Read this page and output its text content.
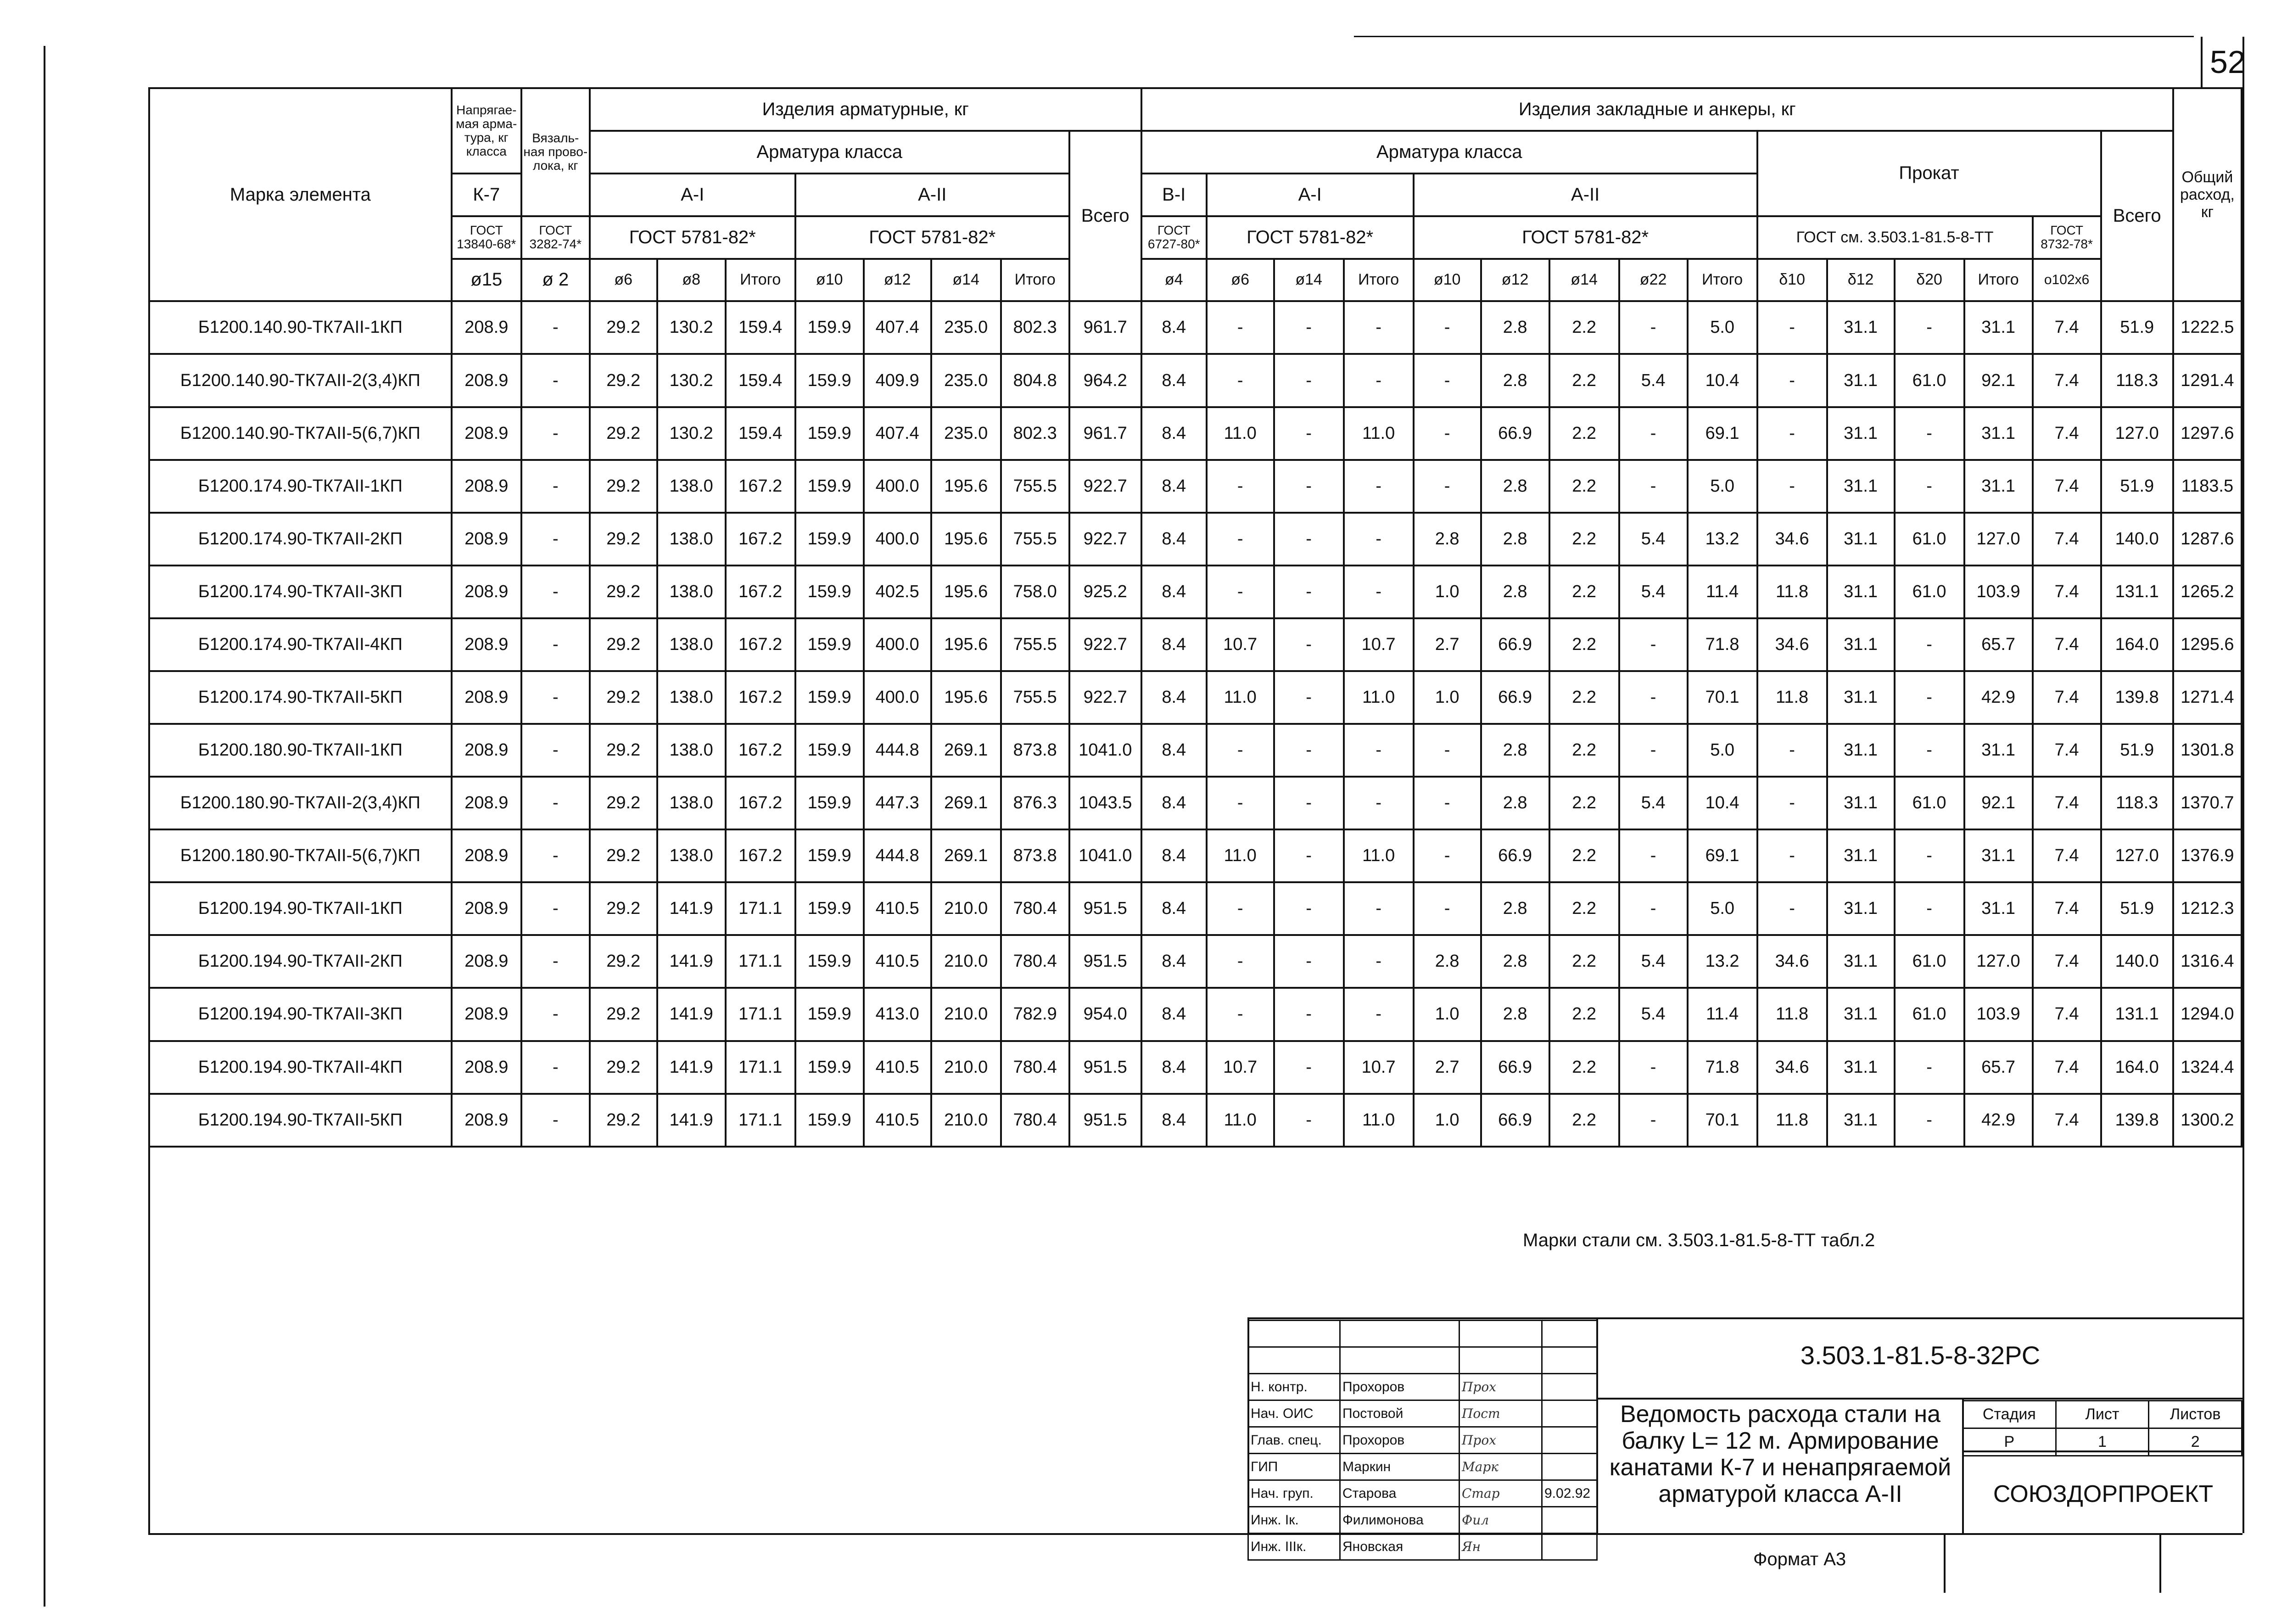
52
Марка элемента	Напрягае-мая арма-тура, кг класса	Вязаль-ная прово-лока, кг	Изделия арматурные, кг								Изделия закладные и анкеры, кг															Общий расход, кг
			Арматура класса							Всего	Арматура класса									Прокат					Всего	
	К-7		A-I			A-II					B-I	A-I			A-II											
	ГОСТ 13840-68*	ГОСТ 3282-74*	ГОСТ 5781-82*			ГОСТ 5781-82*					ГОСТ 6727-80*	ГОСТ 5781-82*			ГОСТ 5781-82*					ГОСТ см. 3.503.1-81.5-8-ТТ				ГОСТ 8732-78*		
	ø15	ø 2	ø6	ø8	Итого	ø10	ø12	ø14	Итого		ø4	ø6	ø14	Итого	ø10	ø12	ø14	ø22	Итого	δ10	δ12	δ20	Итого	o102x6		
Б1200.140.90-ТК7АII-1КП	208.9	-	29.2	130.2	159.4	159.9	407.4	235.0	802.3	961.7	8.4	-	-	-	-	2.8	2.2	-	5.0	-	31.1	-	31.1	7.4	51.9	1222.5
Б1200.140.90-ТК7АII-2(3,4)КП	208.9	-	29.2	130.2	159.4	159.9	409.9	235.0	804.8	964.2	8.4	-	-	-	-	2.8	2.2	5.4	10.4	-	31.1	61.0	92.1	7.4	118.3	1291.4
Б1200.140.90-ТК7АII-5(6,7)КП	208.9	-	29.2	130.2	159.4	159.9	407.4	235.0	802.3	961.7	8.4	11.0	-	11.0	-	66.9	2.2	-	69.1	-	31.1	-	31.1	7.4	127.0	1297.6
Б1200.174.90-ТК7АII-1КП	208.9	-	29.2	138.0	167.2	159.9	400.0	195.6	755.5	922.7	8.4	-	-	-	-	2.8	2.2	-	5.0	-	31.1	-	31.1	7.4	51.9	1183.5
Б1200.174.90-ТК7АII-2КП	208.9	-	29.2	138.0	167.2	159.9	400.0	195.6	755.5	922.7	8.4	-	-	-	2.8	2.8	2.2	5.4	13.2	34.6	31.1	61.0	127.0	7.4	140.0	1287.6
Б1200.174.90-ТК7АII-3КП	208.9	-	29.2	138.0	167.2	159.9	402.5	195.6	758.0	925.2	8.4	-	-	-	1.0	2.8	2.2	5.4	11.4	11.8	31.1	61.0	103.9	7.4	131.1	1265.2
Б1200.174.90-ТК7АII-4КП	208.9	-	29.2	138.0	167.2	159.9	400.0	195.6	755.5	922.7	8.4	10.7	-	10.7	2.7	66.9	2.2	-	71.8	34.6	31.1	-	65.7	7.4	164.0	1295.6
Б1200.174.90-ТК7АII-5КП	208.9	-	29.2	138.0	167.2	159.9	400.0	195.6	755.5	922.7	8.4	11.0	-	11.0	1.0	66.9	2.2	-	70.1	11.8	31.1	-	42.9	7.4	139.8	1271.4
Б1200.180.90-ТК7АII-1КП	208.9	-	29.2	138.0	167.2	159.9	444.8	269.1	873.8	1041.0	8.4	-	-	-	-	2.8	2.2	-	5.0	-	31.1	-	31.1	7.4	51.9	1301.8
Б1200.180.90-ТК7АII-2(3,4)КП	208.9	-	29.2	138.0	167.2	159.9	447.3	269.1	876.3	1043.5	8.4	-	-	-	-	2.8	2.2	5.4	10.4	-	31.1	61.0	92.1	7.4	118.3	1370.7
Б1200.180.90-ТК7АII-5(6,7)КП	208.9	-	29.2	138.0	167.2	159.9	444.8	269.1	873.8	1041.0	8.4	11.0	-	11.0	-	66.9	2.2	-	69.1	-	31.1	-	31.1	7.4	127.0	1376.9
Б1200.194.90-ТК7АII-1КП	208.9	-	29.2	141.9	171.1	159.9	410.5	210.0	780.4	951.5	8.4	-	-	-	-	2.8	2.2	-	5.0	-	31.1	-	31.1	7.4	51.9	1212.3
Б1200.194.90-ТК7АII-2КП	208.9	-	29.2	141.9	171.1	159.9	410.5	210.0	780.4	951.5	8.4	-	-	-	2.8	2.8	2.2	5.4	13.2	34.6	31.1	61.0	127.0	7.4	140.0	1316.4
Б1200.194.90-ТК7АII-3КП	208.9	-	29.2	141.9	171.1	159.9	413.0	210.0	782.9	954.0	8.4	-	-	-	1.0	2.8	2.2	5.4	11.4	11.8	31.1	61.0	103.9	7.4	131.1	1294.0
Б1200.194.90-ТК7АII-4КП	208.9	-	29.2	141.9	171.1	159.9	410.5	210.0	780.4	951.5	8.4	10.7	-	10.7	2.7	66.9	2.2	-	71.8	34.6	31.1	-	65.7	7.4	164.0	1324.4
Б1200.194.90-ТК7АII-5КП	208.9	-	29.2	141.9	171.1	159.9	410.5	210.0	780.4	951.5	8.4	11.0	-	11.0	1.0	66.9	2.2	-	70.1	11.8	31.1	-	42.9	7.4	139.8	1300.2

Марки стали см. 3.503.1-81.5-8-ТТ табл.2

Н. контр.	Прохоров	Прох	
Нач. ОИС	Постовой	Пост	
Глав. спец.	Прохоров	Прох	
ГИП	Маркин	Марк	
Нач. груп.	Старова	Стар	9.02.92
Инж. Iк.	Филимонова	Фил	
Инж. IIIк.	Яновская	Ян	
3.503.1-81.5-8-32РС
Ведомость расхода стали на балку L= 12 м. Армирование канатами К-7 и ненапрягаемой арматурой класса А-II
Стадия	Лист	Листов
Р	1	2
СОЮЗДОРПРОЕКТ
Формат А3
